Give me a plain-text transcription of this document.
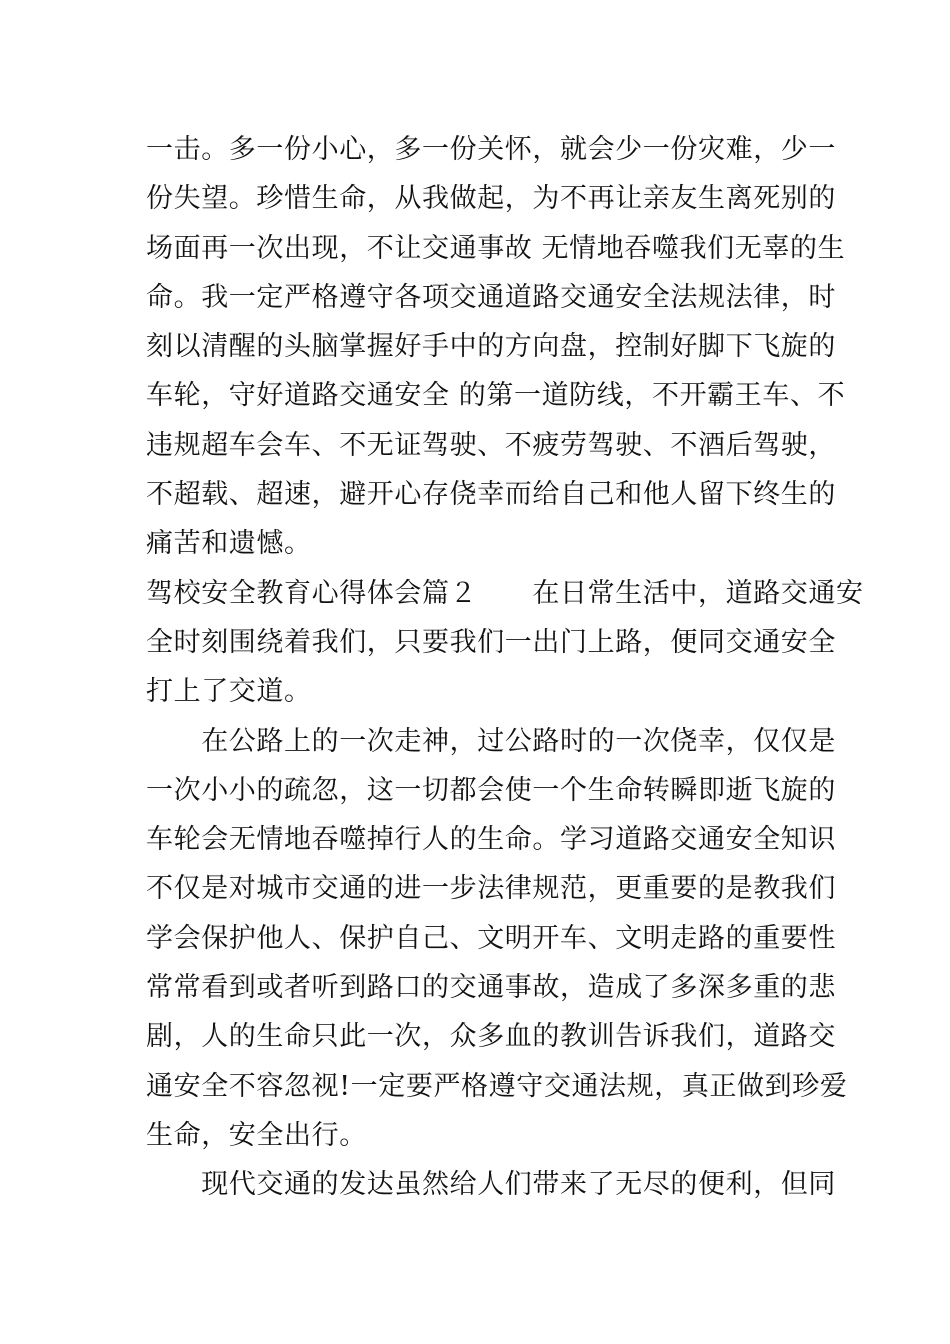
一击。多一份小心，多一份关怀，就会少一份灾难，少一
份失望。珍惜生命，从我做起，为不再让亲友生离死别的
场面再一次出现，不让交通事故 无情地吞噬我们无辜的生
命。我一定严格遵守各项交通道路交通安全法规法律，时
刻以清醒的头脑掌握好手中的方向盘，控制好脚下飞旋的
车轮，守好道路交通安全 的第一道防线，不开霸王车、不
违规超车会车、不无证驾驶、不疲劳驾驶、不酒后驾驶，
不超载、超速，避开心存侥幸而给自己和他人留下终生的
痛苦和遗憾。
驾校安全教育心得体会篇２　　在日常生活中，道路交通安
全时刻围绕着我们，只要我们一出门上路，便同交通安全
打上了交道。
　　在公路上的一次走神，过公路时的一次侥幸，仅仅是
一次小小的疏忽，这一切都会使一个生命转瞬即逝飞旋的
车轮会无情地吞噬掉行人的生命。学习道路交通安全知识
不仅是对城市交通的进一步法律规范，更重要的是教我们
学会保护他人、保护自己、文明开车、文明走路的重要性
常常看到或者听到路口的交通事故，造成了多深多重的悲
剧，人的生命只此一次，众多血的教训告诉我们，道路交
通安全不容忽视!一定要严格遵守交通法规，真正做到珍爱
生命，安全出行。
　　现代交通的发达虽然给人们带来了无尽的便利，但同
